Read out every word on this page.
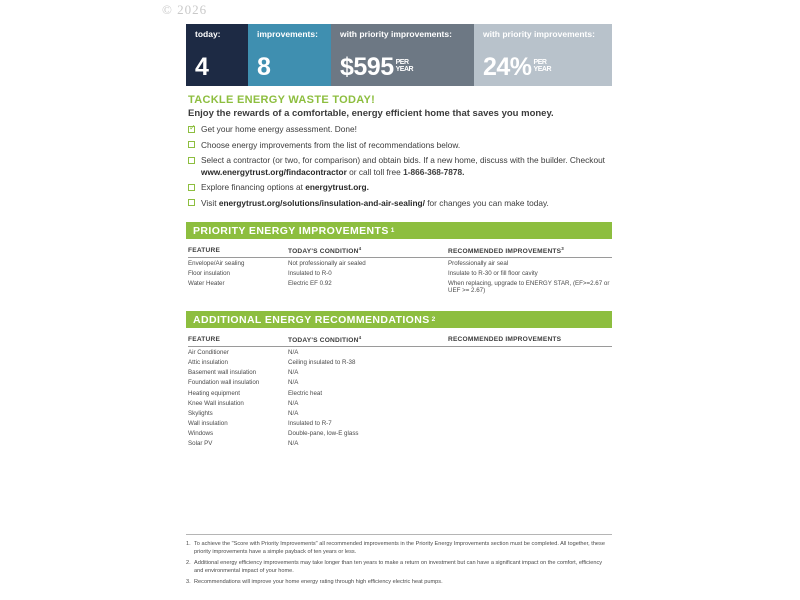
© 2026
today:
4
improvements:
8
with priority improvements:
$595 PER
YEAR
with priority improvements:
24% PER
YEAR
TACKLE ENERGY WASTE TODAY!
Enjoy the rewards of a comfortable, energy efficient home that saves you money.
✓
Get your home energy assessment. Done!
Choose energy improvements from the list of recommendations below.
Select a contractor (or two, for comparison) and obtain bids. If a new home, discuss with the builder. Checkout www.energytrust.org/findacontractor or call toll free 1-866-368-7878.
Explore financing options at energytrust.org.
Visit energytrust.org/solutions/insulation-and-air-sealing/ for changes you can make today.
PRIORITY ENERGY IMPROVEMENTS 1
FEATURE	TODAY'S CONDITION$^4$	RECOMMENDED IMPROVEMENTS$^3$
Envelope/Air sealing	Not professionally air sealed	Professionally air seal
Floor insulation	Insulated to R-0	Insulate to R-30 or fill floor cavity
Water Heater	Electric EF 0.92	When replacing, upgrade to ENERGY STAR, (EF>=2.67 or UEF >= 2.67)
ADDITIONAL ENERGY RECOMMENDATIONS 2
FEATURE	TODAY'S CONDITION$^4$	RECOMMENDED IMPROVEMENTS
Air Conditioner	N/A	
Attic insulation	Ceiling insulated to R-38	
Basement wall insulation	N/A	
Foundation wall insulation	N/A	
Heating equipment	Electric heat	
Knee Wall insulation	N/A	
Skylights	N/A	
Wall insulation	Insulated to R-7	
Windows	Double-pane, low-E glass	
Solar PV	N/A	
1. To achieve the "Score with Priority Improvements" all recommended improvements in the Priority Energy Improvements section must be completed. All together, these priority improvements have a simple payback of ten years or less.
2. Additional energy efficiency improvements may take longer than ten years to make a return on investment but can have a significant impact on the comfort, efficiency and environmental impact of your home.
3. Recommendations will improve your home energy rating through high efficiency electric heat pumps.
